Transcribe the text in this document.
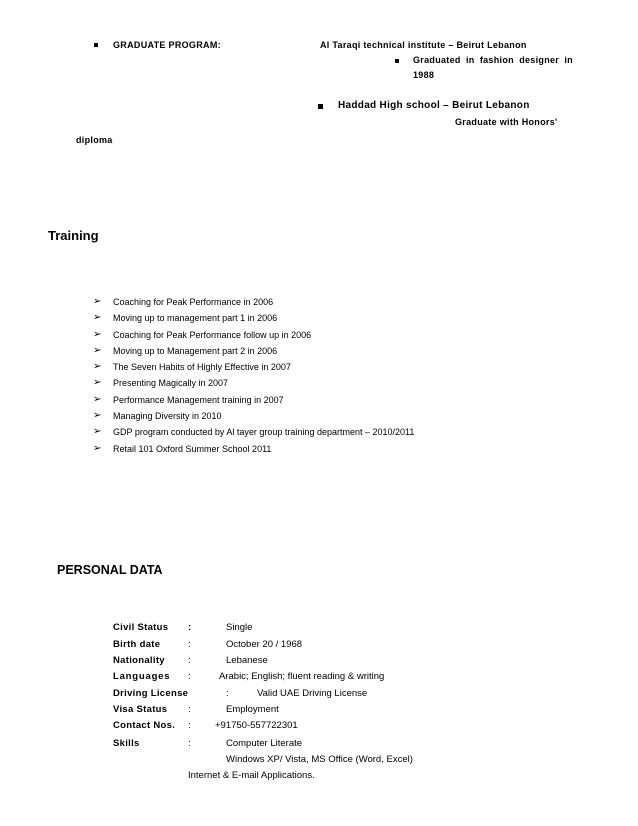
GRADUATE PROGRAM:	Al Taraqi technical institute – Beirut Lebanon
Graduated in fashion designer in
1988
Haddad High school – Beirut Lebanon
Graduate with Honors'
diploma
Training
➢ Coaching for Peak Performance in 2006
➢ Moving up to management part 1 in 2006
➢ Coaching for Peak Performance follow up in 2006
➢ Moving up to Management part 2 in 2006
➢ The Seven Habits of Highly Effective in 2007
➢ Presenting Magically in 2007
➢ Performance Management training in 2007
➢ Managing Diversity in 2010
➢ GDP program conducted by Al tayer group training department – 2010/2011
➢ Retail 101 Oxford Summer School 2011
PERSONAL DATA
Civil Status :	Single
Birth date	:	October 20 / 1968
Nationality :	Lebanese
Languages :	Arabic; English; fluent reading & writing
Driving License	:	Valid UAE Driving License
Visa Status :	Employment
Contact Nos. :	+91750-557722301
Skills	:	Computer Literate
Windows XP/ Vista, MS Office (Word, Excel)
Internet & E-mail Applications.
